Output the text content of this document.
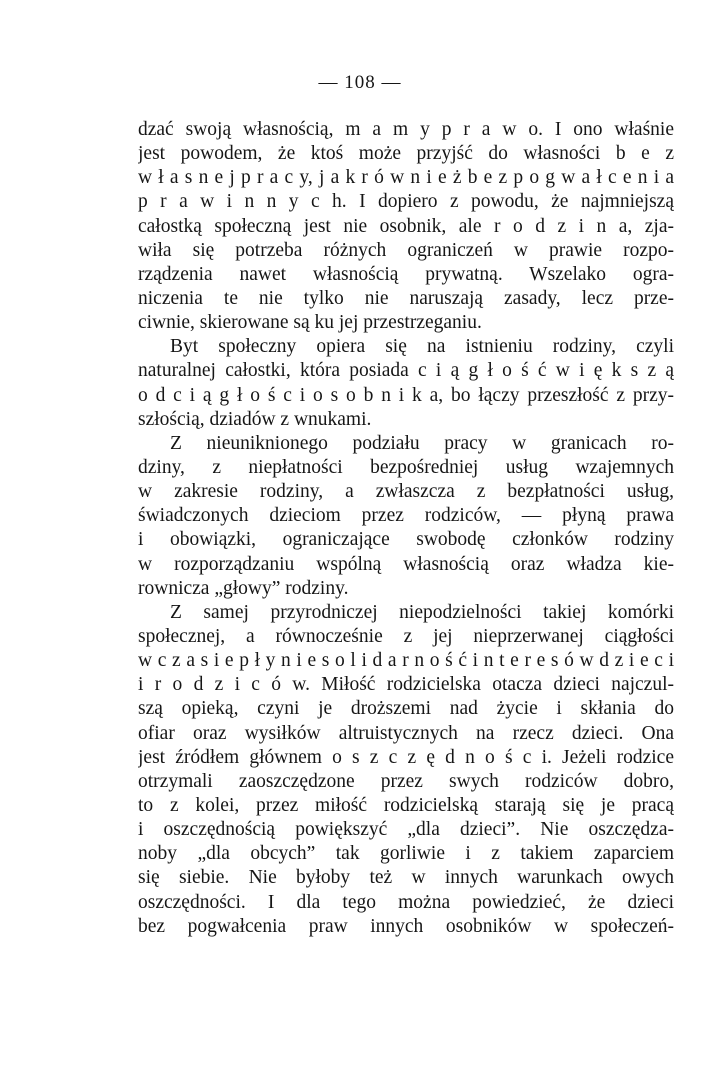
— 108 —
dzać swoją własnością, m a m y p r a w o. I ono właśnie
jest powodem, że ktoś może przyjść do własności b e z
w ł a s n e j p r a c y, j a k r ó w n i e ż b e z p o g w a ł c e n i a
p r a w i n n y c h. I dopiero z powodu, że najmniejszą
całostką społeczną jest nie osobnik, ale r o d z i n a, zja-
wiła się potrzeba różnych ograniczeń w prawie rozpo-
rządzenia nawet własnością prywatną. Wszelako ogra-
niczenia te nie tylko nie naruszają zasady, lecz prze-
ciwnie, skierowane są ku jej przestrzeganiu.
Byt społeczny opiera się na istnieniu rodziny, czyli
naturalnej całostki, która posiada c i ą g ł o ś ć w i ę k s z ą
o d c i ą g ł o ś c i o s o b n i k a, bo łączy przeszłość z przy-
szłością, dziadów z wnukami.
Z nieuniknionego podziału pracy w granicach ro-
dziny, z niepłatności bezpośredniej usług wzajemnych
w zakresie rodziny, a zwłaszcza z bezpłatności usług,
świadczonych dzieciom przez rodziców, — płyną prawa
i obowiązki, ograniczające swobodę członków rodziny
w rozporządzaniu wspólną własnością oraz władza kie-
rownicza „głowy” rodziny.
Z samej przyrodniczej niepodzielności takiej komórki
społecznej, a równocześnie z jej nieprzerwanej ciągłości
w c z a s i e p ł y n i e s o l i d a r n o ś ć i n t e r e s ó w d z i e c i
i r o d z i c ó w. Miłość rodzicielska otacza dzieci najczul-
szą opieką, czyni je droższemi nad życie i skłania do
ofiar oraz wysiłków altruistycznych na rzecz dzieci. Ona
jest źródłem głównem o s z c z ę d n o ś c i. Jeżeli rodzice
otrzymali zaoszczędzone przez swych rodziców dobro,
to z kolei, przez miłość rodzicielską starają się je pracą
i oszczędnością powiększyć „dla dzieci”. Nie oszczędza-
noby „dla obcych” tak gorliwie i z takiem zaparciem
się siebie. Nie byłoby też w innych warunkach owych
oszczędności. I dla tego można powiedzieć, że dzieci
bez pogwałcenia praw innych osobników w społeczeń-
